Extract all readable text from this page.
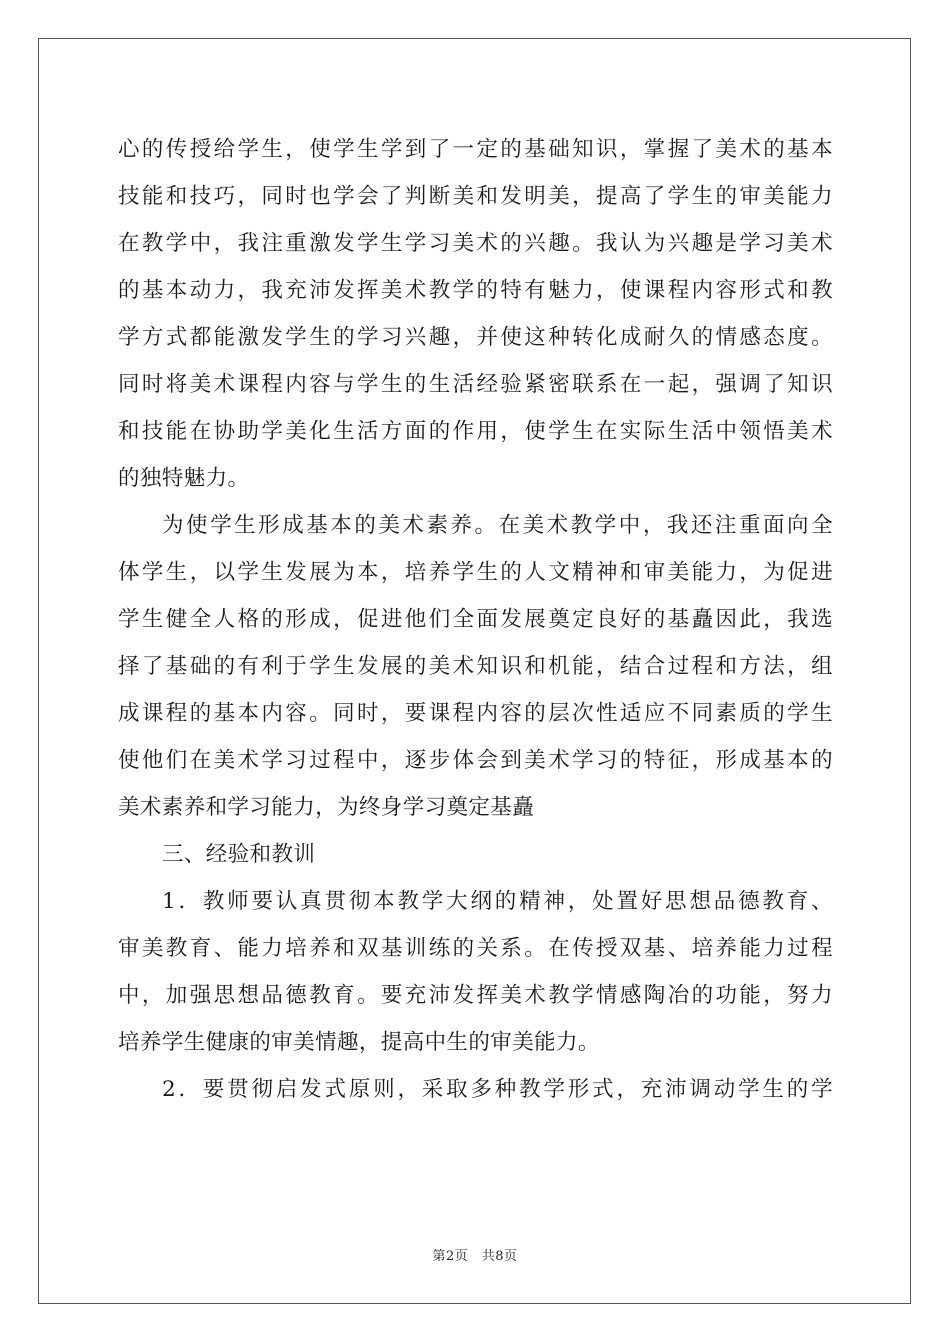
心的传授给学生，使学生学到了一定的基础知识，掌握了美术的基本
技能和技巧，同时也学会了判断美和发明美，提高了学生的审美能力
在教学中，我注重激发学生学习美术的兴趣。我认为兴趣是学习美术
的基本动力，我充沛发挥美术教学的特有魅力，使课程内容形式和教
学方式都能激发学生的学习兴趣，并使这种转化成耐久的情感态度。
同时将美术课程内容与学生的生活经验紧密联系在一起，强调了知识
和技能在协助学美化生活方面的作用，使学生在实际生活中领悟美术
的独特魅力。
为使学生形成基本的美术素养。在美术教学中，我还注重面向全
体学生，以学生发展为本，培养学生的人文精神和审美能力，为促进
学生健全人格的形成，促进他们全面发展奠定良好的基矗因此，我选
择了基础的有利于学生发展的美术知识和机能，结合过程和方法，组
成课程的基本内容。同时，要课程内容的层次性适应不同素质的学生
使他们在美术学习过程中，逐步体会到美术学习的特征，形成基本的
美术素养和学习能力，为终身学习奠定基矗
三、经验和教训
1．教师要认真贯彻本教学大纲的精神，处置好思想品德教育、
审美教育、能力培养和双基训练的关系。在传授双基、培养能力过程
中，加强思想品德教育。要充沛发挥美术教学情感陶冶的功能，努力
培养学生健康的审美情趣，提高中生的审美能力。
2．要贯彻启发式原则，采取多种教学形式，充沛调动学生的学
第2页　共8页
